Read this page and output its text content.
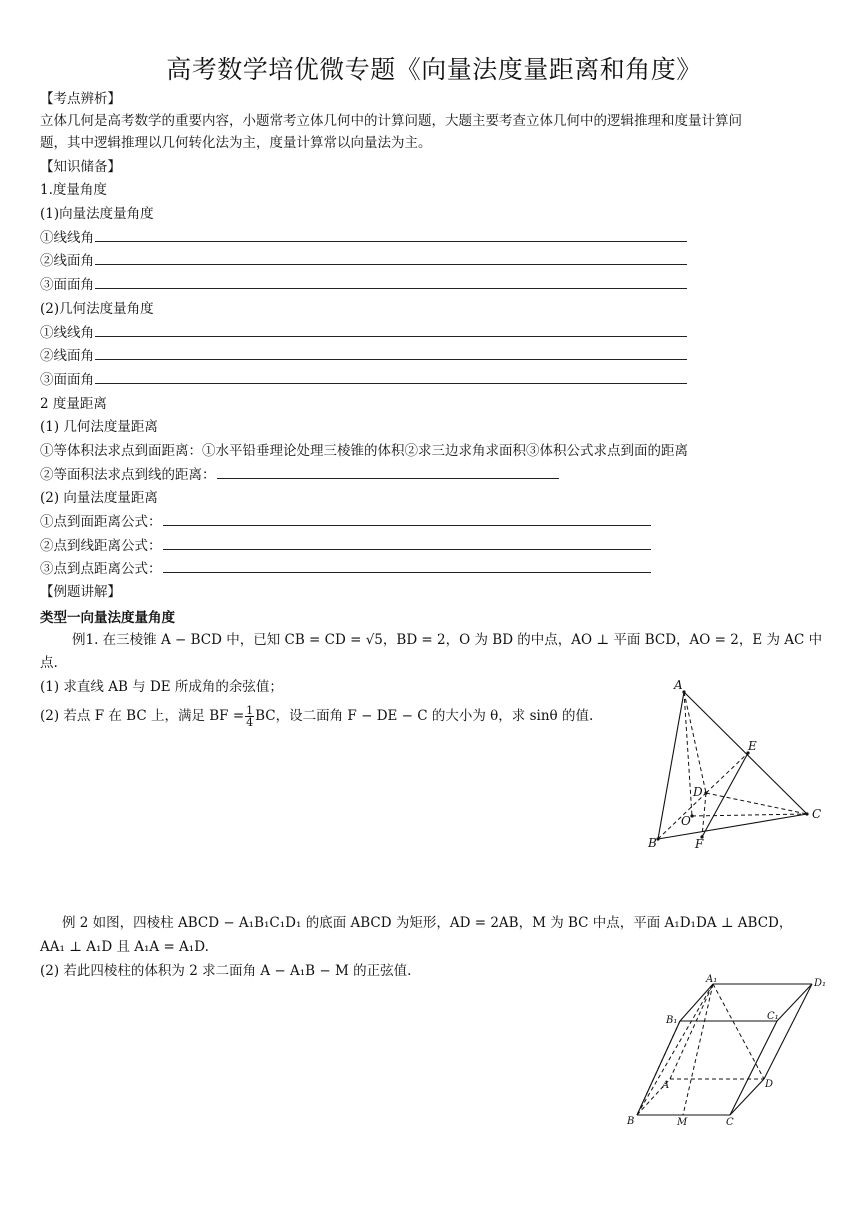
高考数学培优微专题《向量法度量距离和角度》
【考点辨析】
立体几何是高考数学的重要内容，小题常考立体几何中的计算问题，大题主要考查立体几何中的逻辑推理和度量计算问
题，其中逻辑推理以几何转化法为主，度量计算常以向量法为主。
【知识储备】
1.度量角度
(1)向量法度量角度
①线线角
②线面角
③面面角
(2)几何法度量角度
①线线角
②线面角
③面面角
2 度量距离
(1) 几何法度量距离
①等体积法求点到面距离：①水平铅垂理论处理三棱锥的体积②求三边求角求面积③体积公式求点到面的距离
②等面积法求点到线的距离：
(2) 向量法度量距离
①点到面距离公式：
②点到线距离公式：
③点到点距离公式：
【例题讲解】
类型一向量法度量角度
例1. 在三棱锥 A − BCD 中，已知 CB = CD = √5，BD = 2，O 为 BD 的中点，AO ⊥ 平面 BCD，AO = 2，E 为 AC 中
点.
(1) 求直线 AB 与 DE 所成角的余弦值；
(2) 若点 F 在 BC 上，满足 BF = $\frac{1}{4}$ BC，设二面角 F − DE − C 的大小为 θ，求 sinθ 的值.
A
E
D
C
O
B	F
例 2 如图，四棱柱 ABCD − A₁B₁C₁D₁ 的底面 ABCD 为矩形，AD = 2AB，M 为 BC 中点，平面 A₁D₁DA ⊥ ABCD，
AA₁ ⊥ A₁D 且 A₁A = A₁D.
(2) 若此四棱柱的体积为 2 求二面角 A − A₁B − M 的正弦值.
A₁	D₁
B₁	C₁
A	D
B	M	C
